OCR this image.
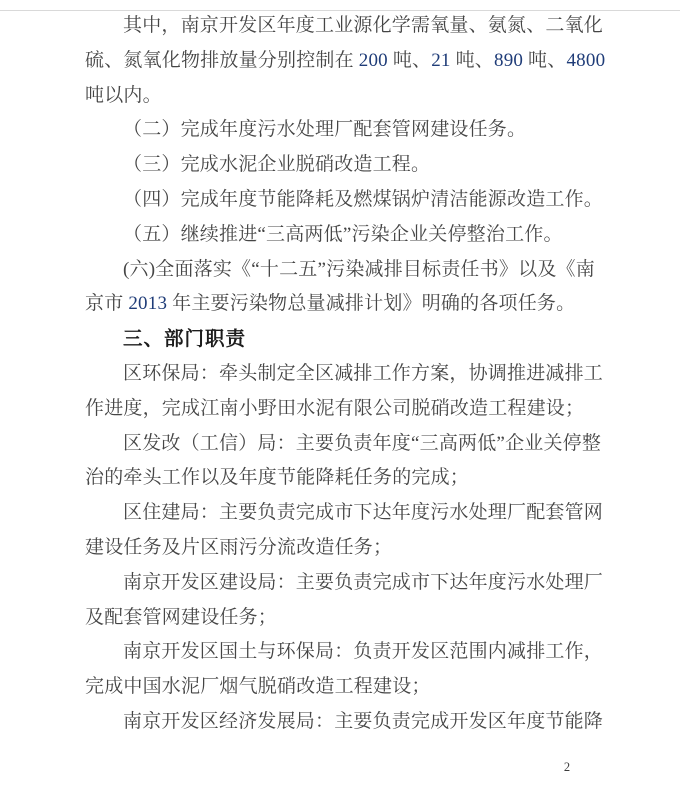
其中，南京开发区年度工业源化学需氧量、氨氮、二氧化
硫、氮氧化物排放量分别控制在 200 吨、21 吨、890 吨、4800
吨以内。
（二）完成年度污水处理厂配套管网建设任务。
（三）完成水泥企业脱硝改造工程。
（四）完成年度节能降耗及燃煤锅炉清洁能源改造工作。
（五）继续推进“三高两低”污染企业关停整治工作。
(六)全面落实《“十二五”污染减排目标责任书》以及《南
京市 2013 年主要污染物总量减排计划》明确的各项任务。
三、部门职责
区环保局：牵头制定全区减排工作方案，协调推进减排工
作进度，完成江南小野田水泥有限公司脱硝改造工程建设；
区发改（工信）局：主要负责年度“三高两低”企业关停整
治的牵头工作以及年度节能降耗任务的完成；
区住建局：主要负责完成市下达年度污水处理厂配套管网
建设任务及片区雨污分流改造任务；
南京开发区建设局：主要负责完成市下达年度污水处理厂
及配套管网建设任务；
南京开发区国土与环保局：负责开发区范围内减排工作，
完成中国水泥厂烟气脱硝改造工程建设；
南京开发区经济发展局：主要负责完成开发区年度节能降
2
